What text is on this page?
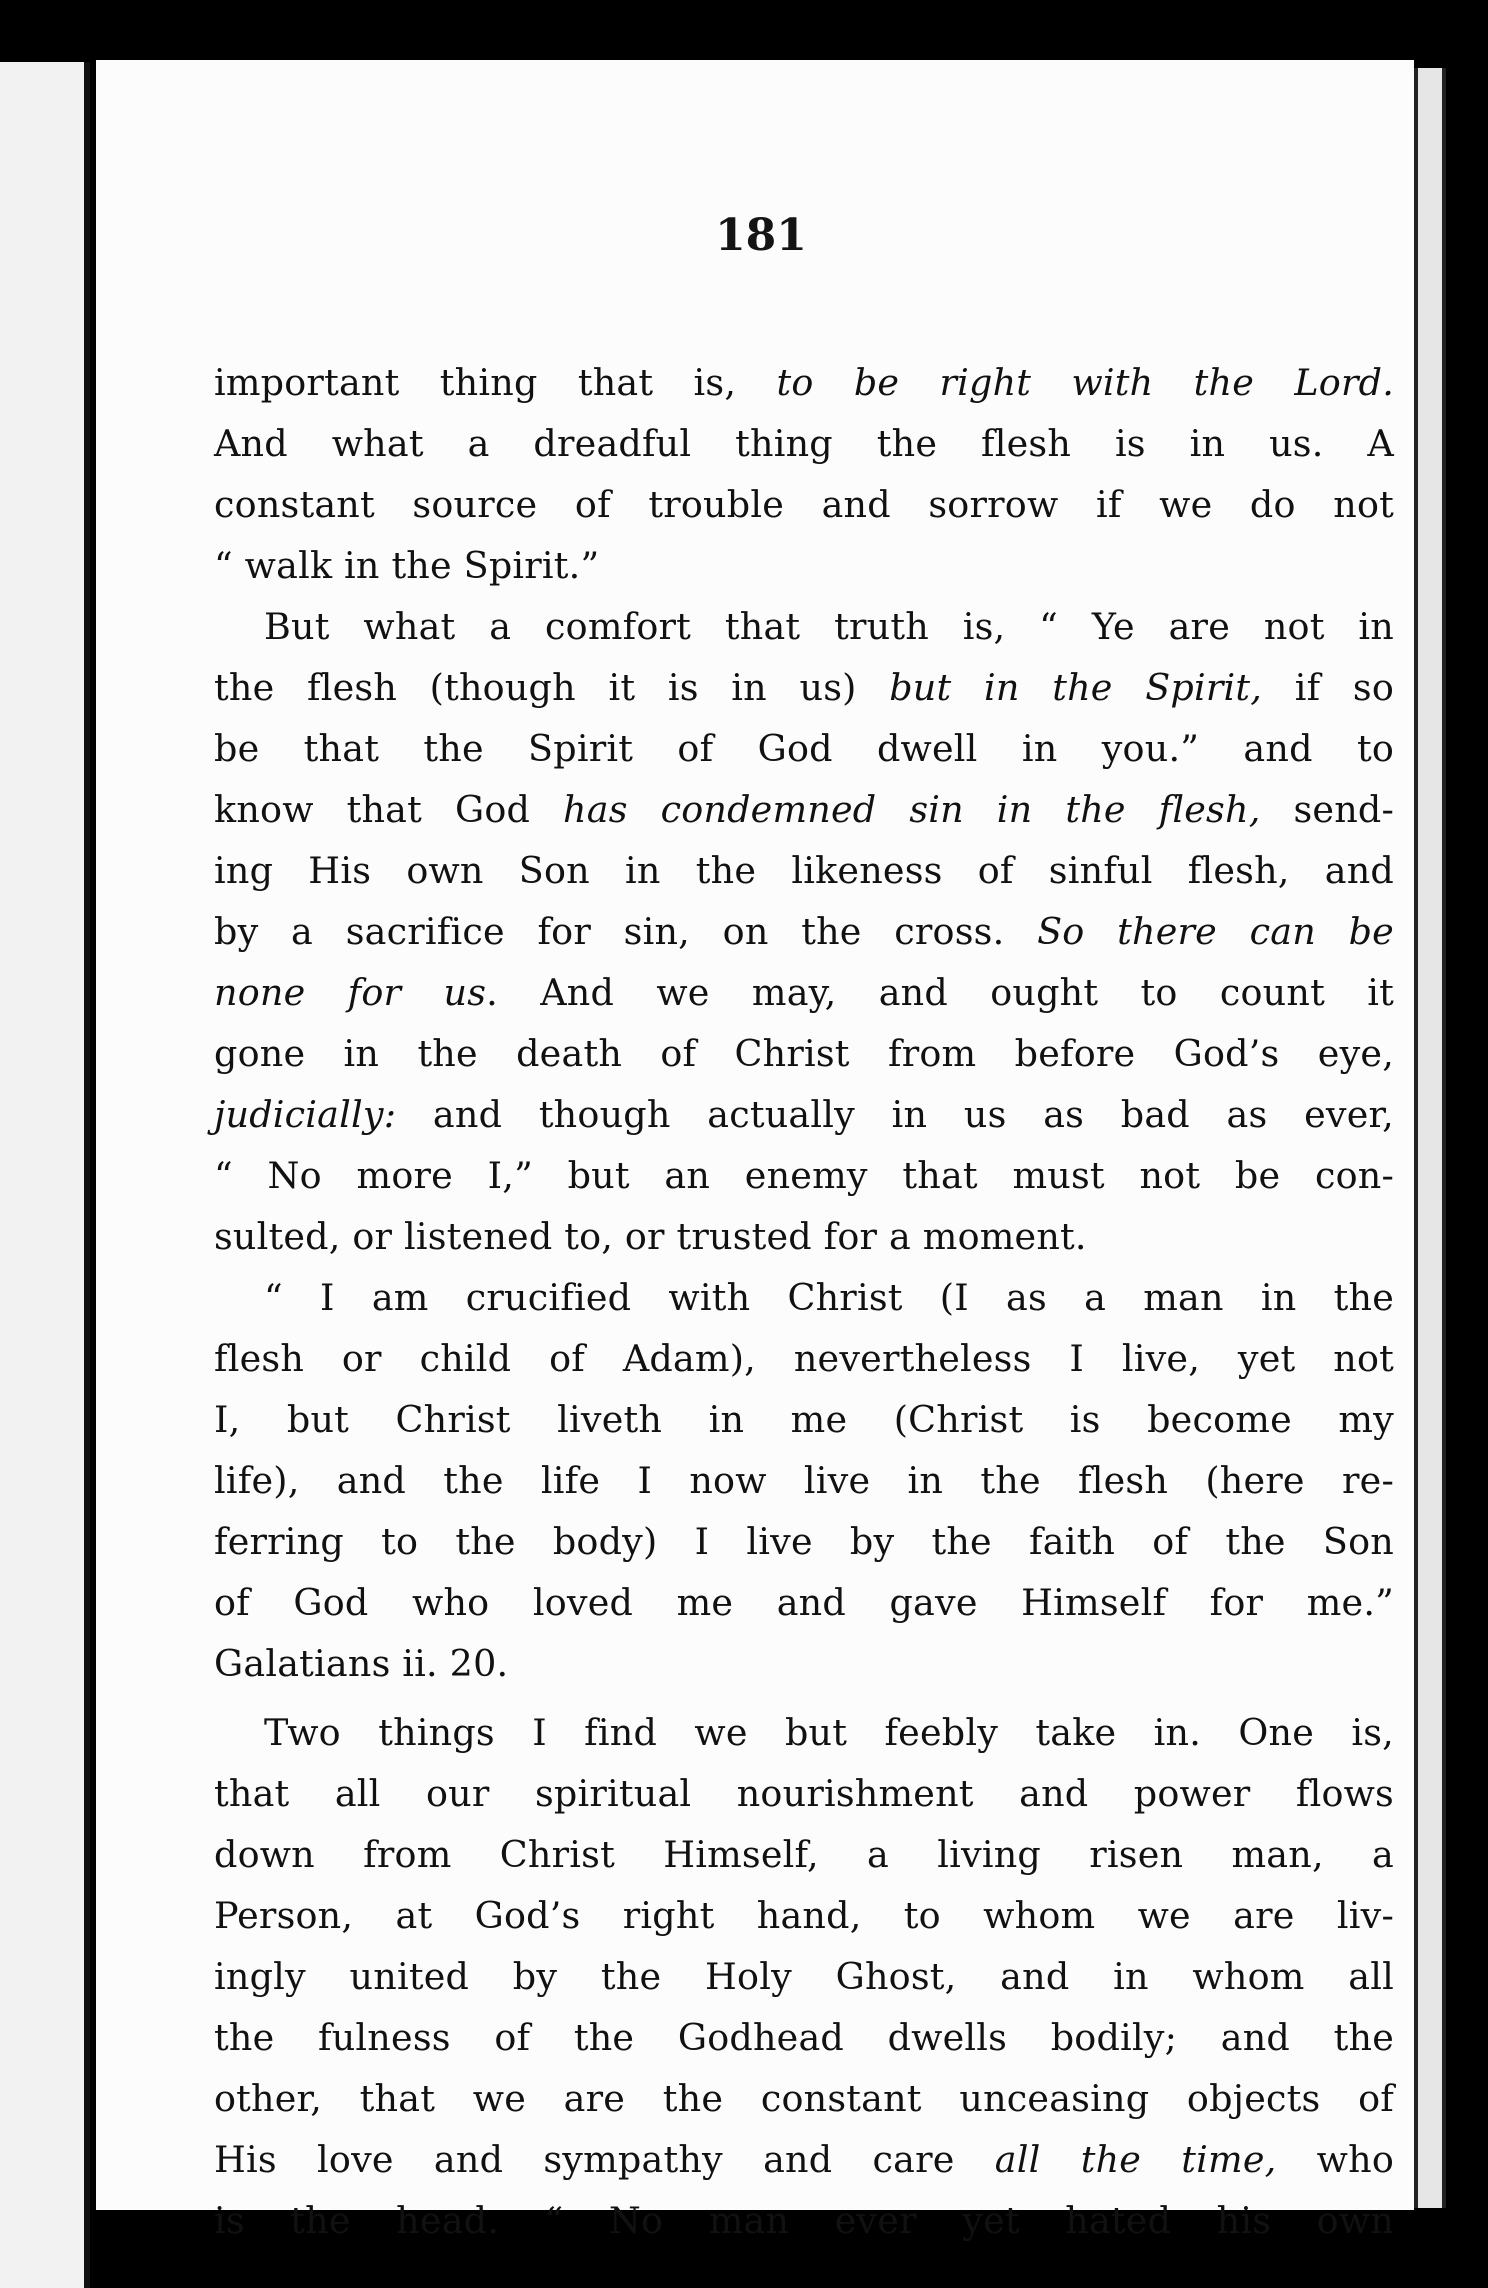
181
important thing that is, to be right with the Lord.
And what a dreadful thing the flesh is in us. A
constant source of trouble and sorrow if we do not
“ walk in the Spirit.”
But what a comfort that truth is, “ Ye are not in
the flesh (though it is in us) but in the Spirit, if so
be that the Spirit of God dwell in you.” and to
know that God has condemned sin in the flesh, send-
ing His own Son in the likeness of sinful flesh, and
by a sacrifice for sin, on the cross. So there can be
none for us. And we may, and ought to count it
gone in the death of Christ from before God’s eye,
judicially: and though actually in us as bad as ever,
“ No more I,” but an enemy that must not be con-
sulted, or listened to, or trusted for a moment.
“ I am crucified with Christ (I as a man in the
flesh or child of Adam), nevertheless I live, yet not
I, but Christ liveth in me (Christ is become my
life), and the life I now live in the flesh (here re-
ferring to the body) I live by the faith of the Son
of God who loved me and gave Himself for me.”
Galatians ii. 20.
Two things I find we but feebly take in. One is,
that all our spiritual nourishment and power flows
down from Christ Himself, a living risen man, a
Person, at God’s right hand, to whom we are liv-
ingly united by the Holy Ghost, and in whom all
the fulness of the Godhead dwells bodily; and the
other, that we are the constant unceasing objects of
His love and sympathy and care all the time, who
is the head. “ No man ever yet hated his own
